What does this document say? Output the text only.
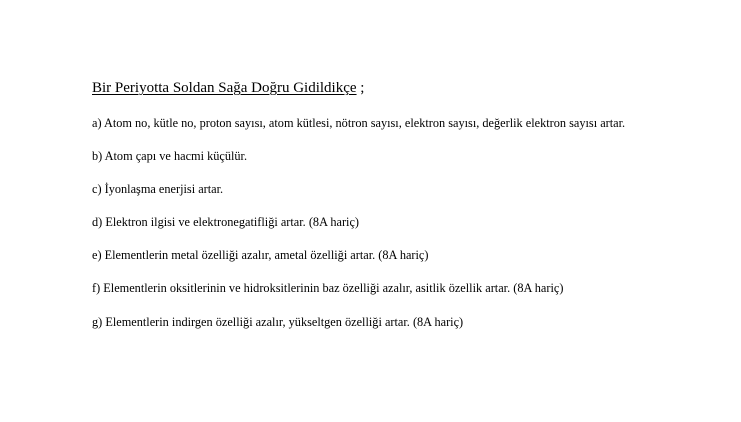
Bir Periyotta Soldan Sağa Doğru Gidildikçe ;
a) Atom no, kütle no, proton sayısı, atom kütlesi, nötron sayısı, elektron sayısı, değerlik elektron sayısı artar.
b) Atom çapı ve hacmi küçülür.
c) İyonlaşma enerjisi artar.
d) Elektron ilgisi ve elektronegatifliği artar. (8A hariç)
e) Elementlerin metal özelliği azalır, ametal özelliği artar. (8A hariç)
f) Elementlerin oksitlerinin ve hidroksitlerinin baz özelliği azalır, asitlik özellik artar. (8A hariç)
g) Elementlerin indirgen özelliği azalır, yükseltgen özelliği artar. (8A hariç)
